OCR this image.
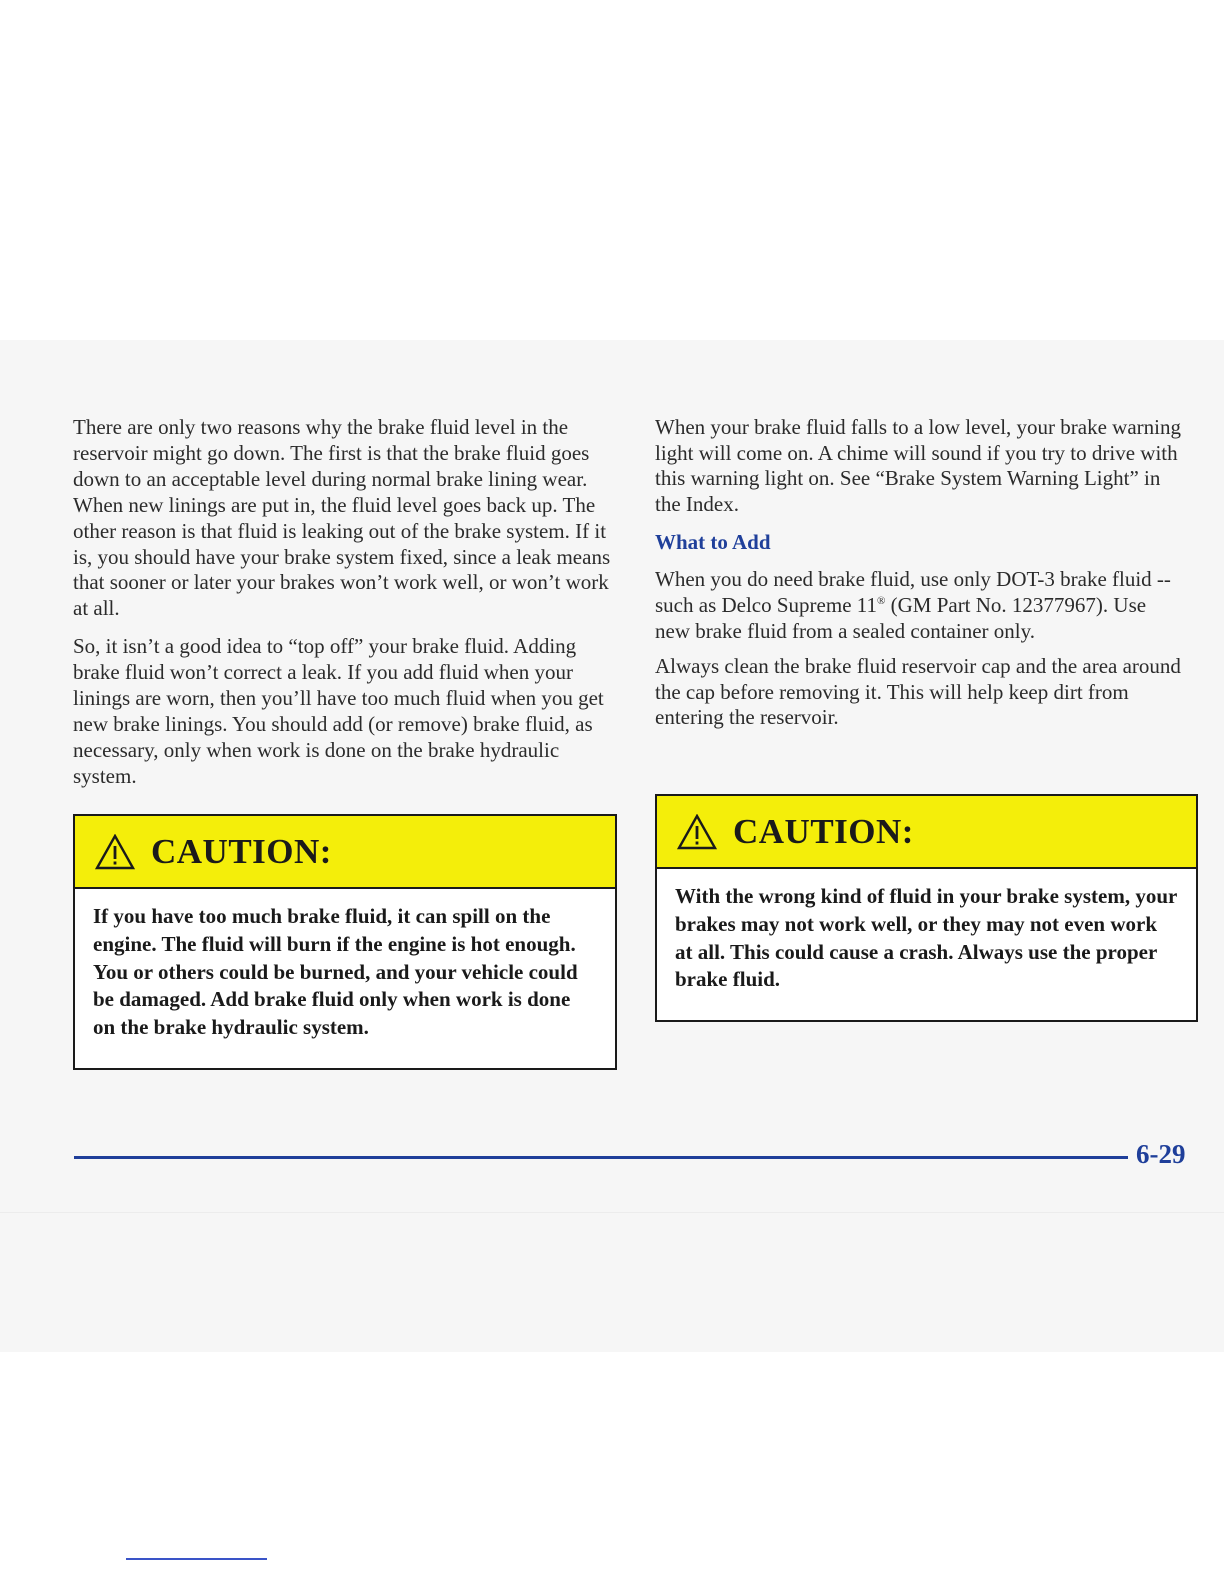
There are only two reasons why the brake fluid level in the reservoir might go down. The first is that the brake fluid goes down to an acceptable level during normal brake lining wear. When new linings are put in, the fluid level goes back up. The other reason is that fluid is leaking out of the brake system. If it is, you should have your brake system fixed, since a leak means that sooner or later your brakes won’t work well, or won’t work at all.

So, it isn’t a good idea to “top off” your brake fluid. Adding brake fluid won’t correct a leak. If you add fluid when your linings are worn, then you’ll have too much fluid when you get new brake linings. You should add (or remove) brake fluid, as necessary, only when work is done on the brake hydraulic system.

CAUTION:
If you have too much brake fluid, it can spill on the engine. The fluid will burn if the engine is hot enough. You or others could be burned, and your vehicle could be damaged. Add brake fluid only when work is done on the brake hydraulic system.

When your brake fluid falls to a low level, your brake warning light will come on. A chime will sound if you try to drive with this warning light on. See “Brake System Warning Light” in the Index.

What to Add

When you do need brake fluid, use only DOT-3 brake fluid -- such as Delco Supreme 11® (GM Part No. 12377967). Use new brake fluid from a sealed container only.

Always clean the brake fluid reservoir cap and the area around the cap before removing it. This will help keep dirt from entering the reservoir.

CAUTION:
With the wrong kind of fluid in your brake system, your brakes may not work well, or they may not even work at all. This could cause a crash. Always use the proper brake fluid.
6-29
